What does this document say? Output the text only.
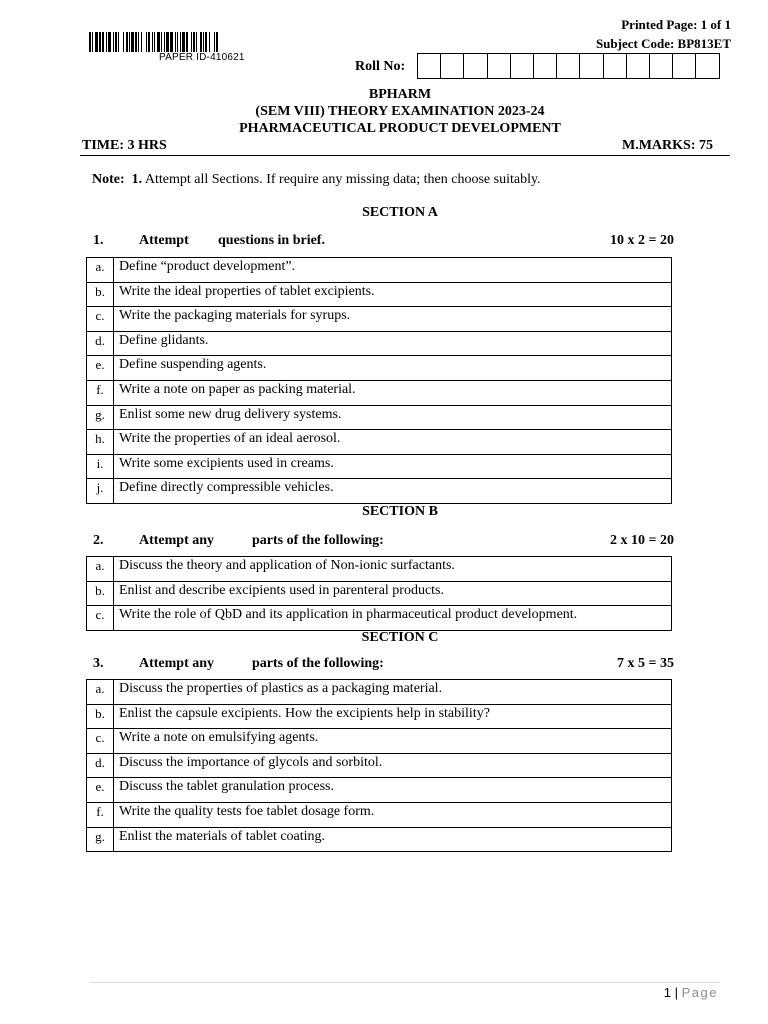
PAPER ID-410621
Printed Page: 1 of 1
Subject Code: BP813ET
Roll No:
BPHARM
(SEM VIII) THEORY EXAMINATION 2023-24
PHARMACEUTICAL PRODUCT DEVELOPMENT
TIME: 3 HRS	M.MARKS: 75
Note: 1. Attempt all Sections. If require any missing data; then choose suitably.
SECTION A
1.	Attempt questions in brief.	10 x 2 = 20
a.	Define “product development”.
b.	Write the ideal properties of tablet excipients.
c.	Write the packaging materials for syrups.
d.	Define glidants.
e.	Define suspending agents.
f.	Write a note on paper as packing material.
g.	Enlist some new drug delivery systems.
h.	Write the properties of an ideal aerosol.
i.	Write some excipients used in creams.
j.	Define directly compressible vehicles.
SECTION B
2.	Attempt any	parts of the following:	2 x 10 = 20
a.	Discuss the theory and application of Non-ionic surfactants.
b.	Enlist and describe excipients used in parenteral products.
c.	Write the role of QbD and its application in pharmaceutical product development.
SECTION C
3.	Attempt any	parts of the following:	7 x 5 = 35
a.	Discuss the properties of plastics as a packaging material.
b.	Enlist the capsule excipients. How the excipients help in stability?
c.	Write a note on emulsifying agents.
d.	Discuss the importance of glycols and sorbitol.
e.	Discuss the tablet granulation process.
f.	Write the quality tests foe tablet dosage form.
g.	Enlist the materials of tablet coating.
1 | Page
